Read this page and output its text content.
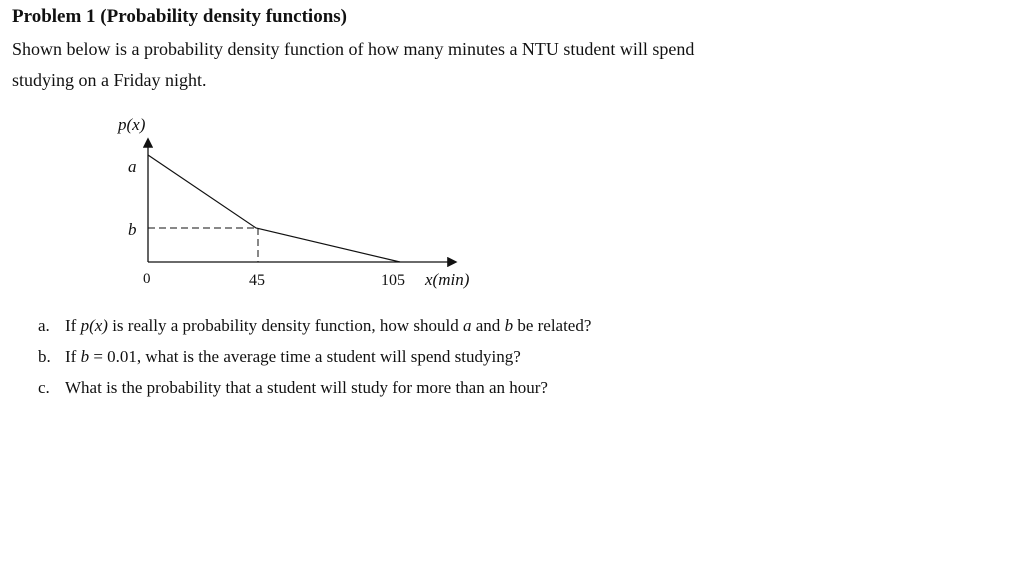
Problem 1 (Probability density functions)
Shown below is a probability density function of how many minutes a NTU student will spend
studying on a Friday night.
p(x)
a
b
0	45	105 x(min)
a. If p(x) is really a probability density function, how should a and b be related?
b. If b = 0.01, what is the average time a student will spend studying?
c. What is the probability that a student will study for more than an hour?
